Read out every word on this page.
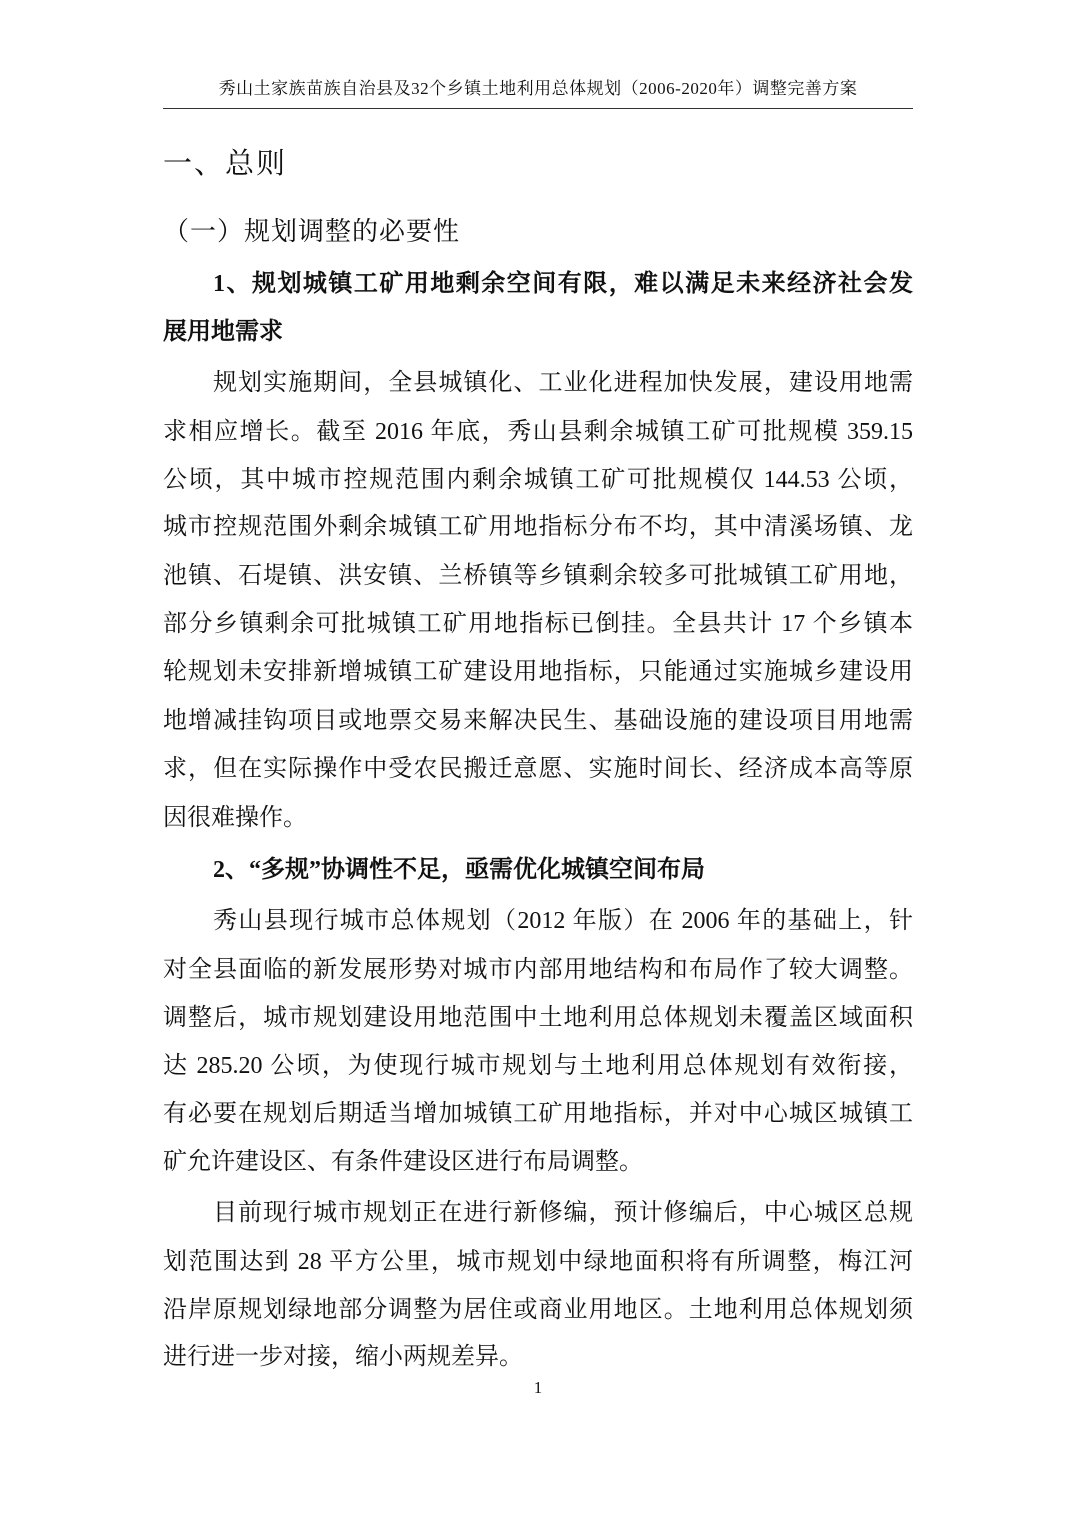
秀山土家族苗族自治县及32个乡镇土地利用总体规划（2006-2020年）调整完善方案
一、总则
（一）规划调整的必要性
1、规划城镇工矿用地剩余空间有限，难以满足未来经济社会发
展用地需求
规划实施期间，全县城镇化、工业化进程加快发展，建设用地需
求相应增长。截至 2016 年底，秀山县剩余城镇工矿可批规模 359.15
公顷，其中城市控规范围内剩余城镇工矿可批规模仅 144.53 公顷，
城市控规范围外剩余城镇工矿用地指标分布不均，其中清溪场镇、龙
池镇、石堤镇、洪安镇、兰桥镇等乡镇剩余较多可批城镇工矿用地，
部分乡镇剩余可批城镇工矿用地指标已倒挂。全县共计 17 个乡镇本
轮规划未安排新增城镇工矿建设用地指标，只能通过实施城乡建设用
地增减挂钩项目或地票交易来解决民生、基础设施的建设项目用地需
求，但在实际操作中受农民搬迁意愿、实施时间长、经济成本高等原
因很难操作。
2、“多规”协调性不足，亟需优化城镇空间布局
秀山县现行城市总体规划（2012 年版）在 2006 年的基础上，针
对全县面临的新发展形势对城市内部用地结构和布局作了较大调整。
调整后，城市规划建设用地范围中土地利用总体规划未覆盖区域面积
达 285.20 公顷，为使现行城市规划与土地利用总体规划有效衔接，
有必要在规划后期适当增加城镇工矿用地指标，并对中心城区城镇工
矿允许建设区、有条件建设区进行布局调整。
目前现行城市规划正在进行新修编，预计修编后，中心城区总规
划范围达到 28 平方公里，城市规划中绿地面积将有所调整，梅江河
沿岸原规划绿地部分调整为居住或商业用地区。土地利用总体规划须
进行进一步对接，缩小两规差异。
1
